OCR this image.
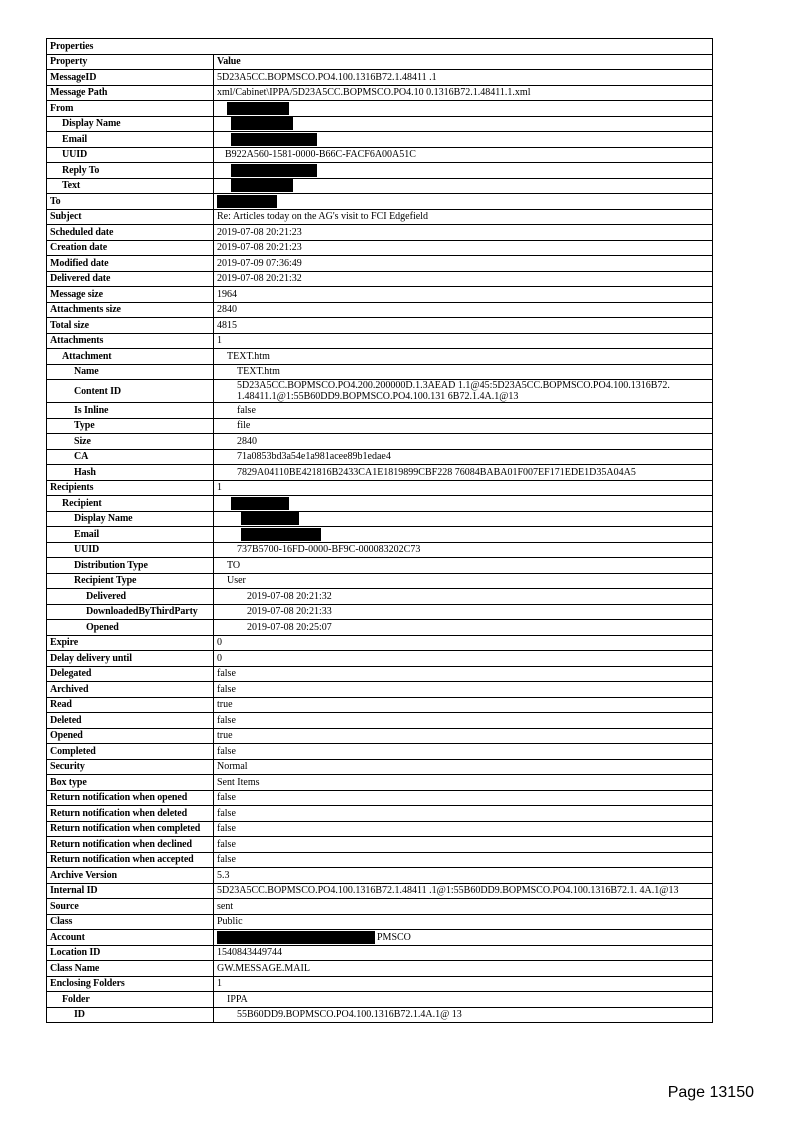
Properties	
Property	Value
MessageID	5D23A5CC.BOPMSCO.PO4.100.1316B72.1.48411 .1
Message Path	xml/Cabinet\IPPA/5D23A5CC.BOPMSCO.PO4.10 0.1316B72.1.48411.1.xml
From	
Display Name	
Email	
UUID	B922A560-1581-0000-B66C-FACF6A00A51C
Reply To	
Text	
To	
Subject	Re: Articles today on the AG's visit to FCI Edgefield
Scheduled date	2019-07-08 20:21:23
Creation date	2019-07-08 20:21:23
Modified date	2019-07-09 07:36:49
Delivered date	2019-07-08 20:21:32
Message size	1964
Attachments size	2840
Total size	4815
Attachments	1
Attachment	TEXT.htm
Name	TEXT.htm
Content ID	5D23A5CC.BOPMSCO.PO4.200.200000D.1.3AEAD 1.1@45:5D23A5CC.BOPMSCO.PO4.100.1316B72. 1.48411.1@1:55B60DD9.BOPMSCO.PO4.100.131 6B72.1.4A.1@13
Is Inline	false
Type	file
Size	2840
CA	71a0853bd3a54e1a981acee89b1edae4
Hash	7829A04110BE421816B2433CA1E1819899CBF228 76084BABA01F007EF171EDE1D35A04A5
Recipients	1
Recipient	
Display Name	
Email	
UUID	737B5700-16FD-0000-BF9C-000083202C73
Distribution Type	TO
Recipient Type	User
Delivered	2019-07-08 20:21:32
DownloadedByThirdParty	2019-07-08 20:21:33
Opened	2019-07-08 20:25:07
Expire	0
Delay delivery until	0
Delegated	false
Archived	false
Read	true
Deleted	false
Opened	true
Completed	false
Security	Normal
Box type	Sent Items
Return notification when opened	false
Return notification when deleted	false
Return notification when completed	false
Return notification when declined	false
Return notification when accepted	false
Archive Version	5.3
Internal ID	5D23A5CC.BOPMSCO.PO4.100.1316B72.1.48411 .1@1:55B60DD9.BOPMSCO.PO4.100.1316B72.1. 4A.1@13
Source	sent
Class	Public
Account	PMSCO
Location ID	1540843449744
Class Name	GW.MESSAGE.MAIL
Enclosing Folders	1
Folder	IPPA
ID	55B60DD9.BOPMSCO.PO4.100.1316B72.1.4A.1@ 13
Page 13150
